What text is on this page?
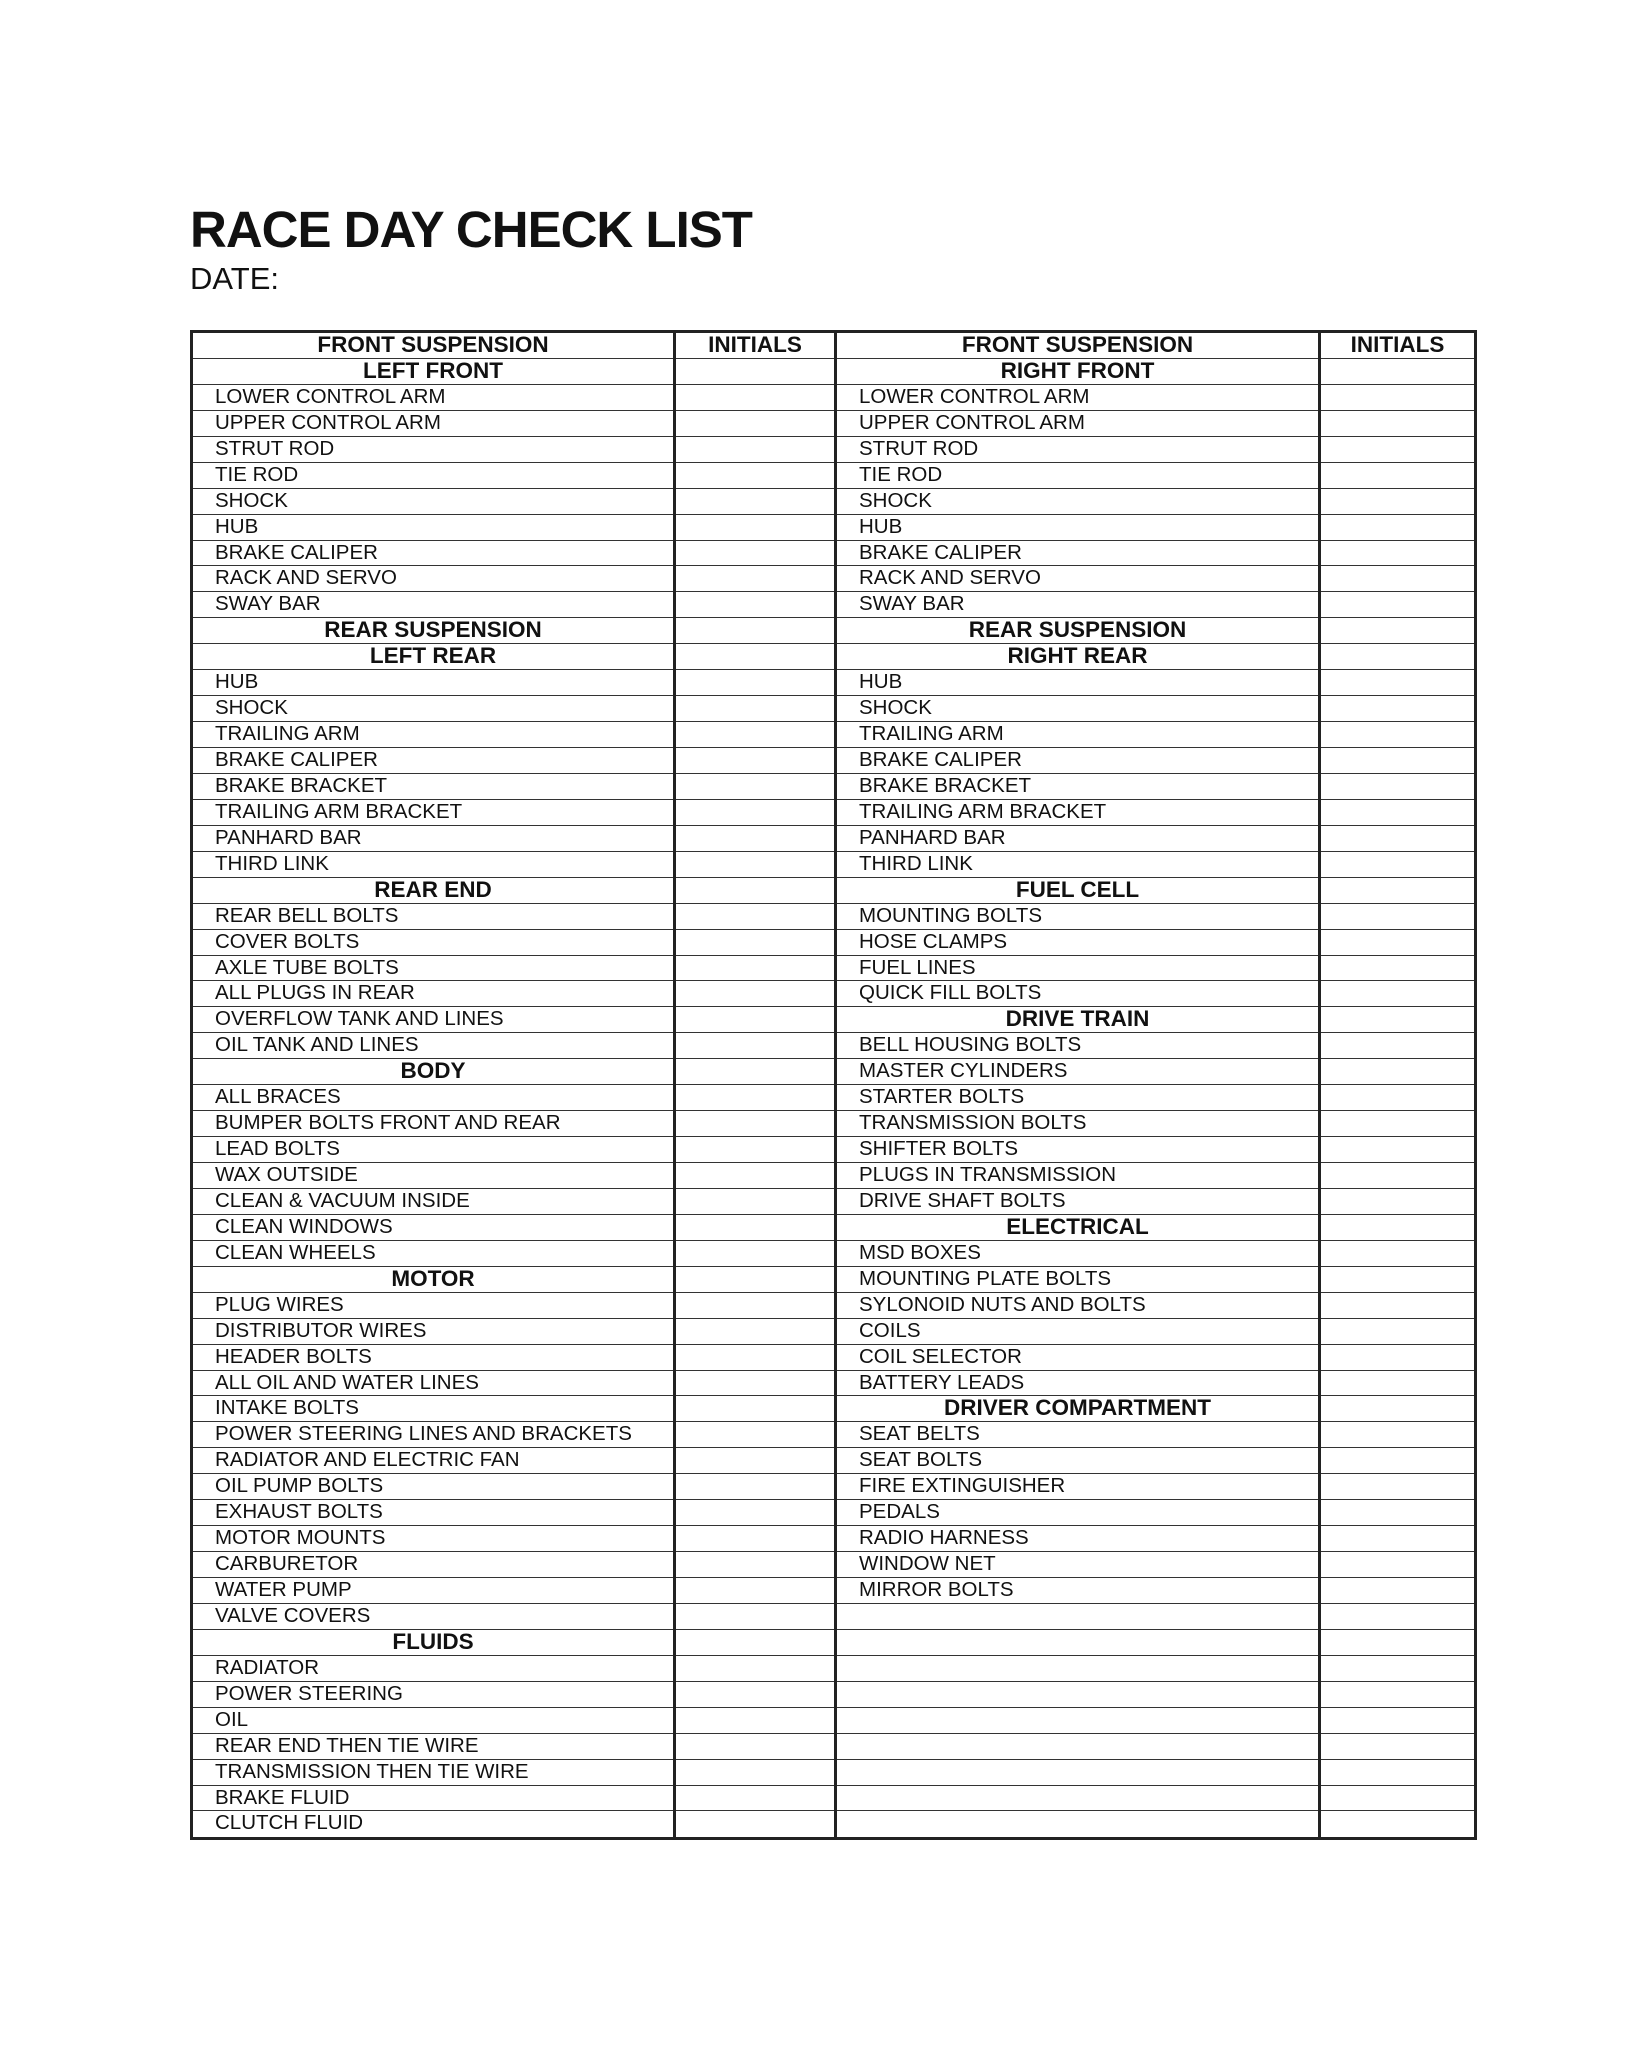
RACE DAY CHECK LIST
DATE:
FRONT SUSPENSION
LEFT FRONT
LOWER CONTROL ARM
UPPER CONTROL ARM
STRUT ROD
TIE ROD
SHOCK
HUB
BRAKE CALIPER
RACK AND SERVO
SWAY BAR
REAR SUSPENSION
LEFT REAR
HUB
SHOCK
TRAILING ARM
BRAKE CALIPER
BRAKE BRACKET
TRAILING ARM BRACKET
PANHARD BAR
THIRD LINK
REAR END
REAR BELL BOLTS
COVER BOLTS
AXLE TUBE BOLTS
ALL PLUGS IN REAR
OVERFLOW TANK AND LINES
OIL TANK AND LINES
BODY
ALL BRACES
BUMPER BOLTS FRONT AND REAR
LEAD BOLTS
WAX OUTSIDE
CLEAN & VACUUM INSIDE
CLEAN WINDOWS
CLEAN WHEELS
MOTOR
PLUG WIRES
DISTRIBUTOR WIRES
HEADER BOLTS
ALL OIL AND WATER LINES
INTAKE BOLTS
POWER STEERING LINES AND BRACKETS
RADIATOR AND ELECTRIC FAN
OIL PUMP BOLTS
EXHAUST BOLTS
MOTOR MOUNTS
CARBURETOR
WATER PUMP
VALVE COVERS
FLUIDS
RADIATOR
POWER STEERING
OIL
REAR END THEN TIE WIRE
TRANSMISSION THEN TIE WIRE
BRAKE FLUID
CLUTCH FLUID
INITIALS	FRONT SUSPENSION
RIGHT FRONT
LOWER CONTROL ARM
UPPER CONTROL ARM
STRUT ROD
TIE ROD
SHOCK
HUB
BRAKE CALIPER
RACK AND SERVO
SWAY BAR
REAR SUSPENSION
RIGHT REAR
HUB
SHOCK
TRAILING ARM
BRAKE CALIPER
BRAKE BRACKET
TRAILING ARM BRACKET
PANHARD BAR
THIRD LINK
FUEL CELL
MOUNTING BOLTS
HOSE CLAMPS
FUEL LINES
QUICK FILL BOLTS
DRIVE TRAIN
BELL HOUSING BOLTS
MASTER CYLINDERS
STARTER BOLTS
TRANSMISSION BOLTS
SHIFTER BOLTS
PLUGS IN TRANSMISSION
DRIVE SHAFT BOLTS
ELECTRICAL
MSD BOXES
MOUNTING PLATE BOLTS
SYLONOID NUTS AND BOLTS
COILS
COIL SELECTOR
BATTERY LEADS
DRIVER COMPARTMENT
SEAT BELTS
SEAT BOLTS
FIRE EXTINGUISHER
PEDALS
RADIO HARNESS
WINDOW NET
MIRROR BOLTS
INITIALS
